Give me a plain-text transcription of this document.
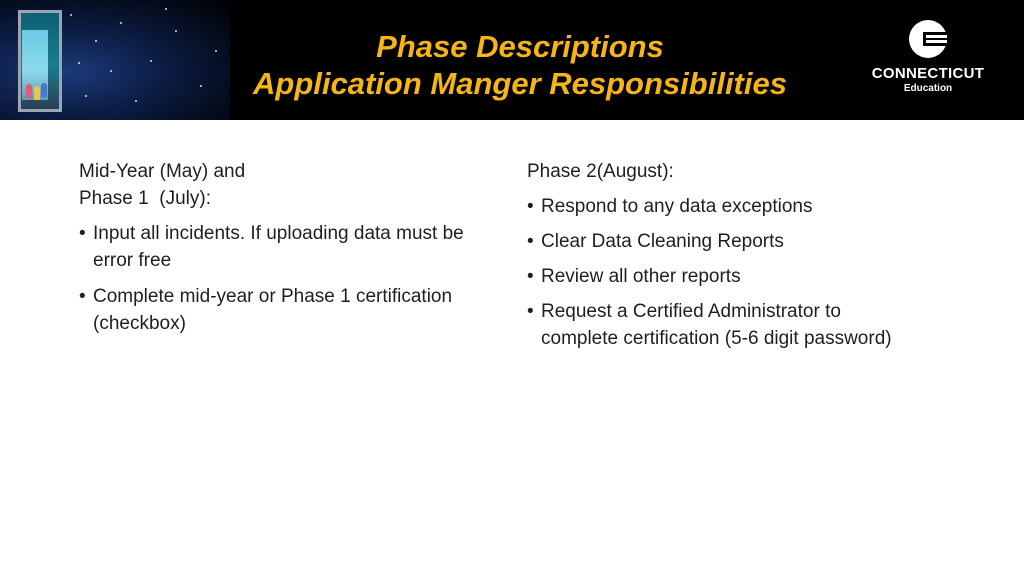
Phase Descriptions
Application Manger Responsibilities	CONNECTICUT
Education

Mid-Year (May) and

Phase 1  (July):

• Input all incidents. If uploading data must be error free
• Complete mid-year or Phase 1 certification (checkbox)

Phase 2(August):

• Respond to any data exceptions
• Clear Data Cleaning Reports
• Review all other reports
• Request a Certified Administrator to complete certification (5-6 digit password)
